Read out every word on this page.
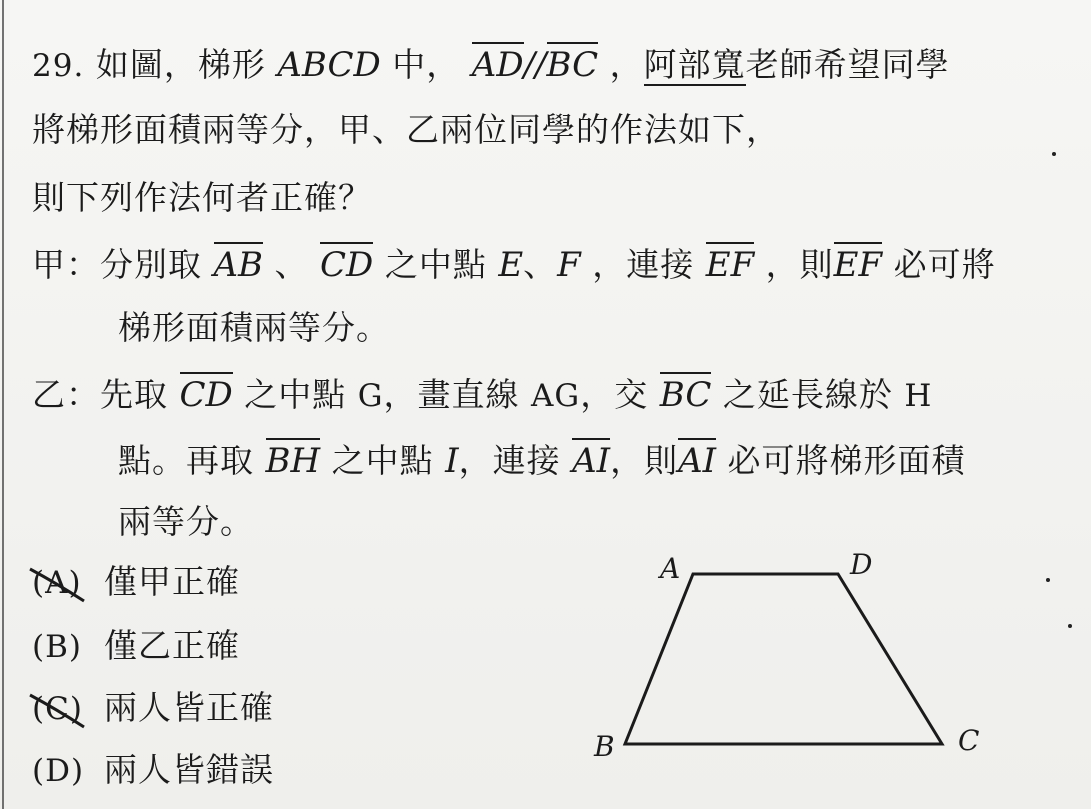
29. 如圖，梯形 ABCD 中， AD//BC ，阿部寬老師希望同學
將梯形面積兩等分，甲、乙兩位同學的作法如下，
則下列作法何者正確？
甲：分別取 AB 、 CD 之中點 E、F ，連接 EF ，則EF 必可將
梯形面積兩等分。
乙：先取 CD 之中點 G，畫直線 AG，交 BC 之延長線於 H
點。再取 BH 之中點 I，連接 AI，則AI 必可將梯形面積
兩等分。
(A) 僅甲正確
(B) 僅乙正確
(C) 兩人皆正確
(D) 兩人皆錯誤
A	D
B	C
